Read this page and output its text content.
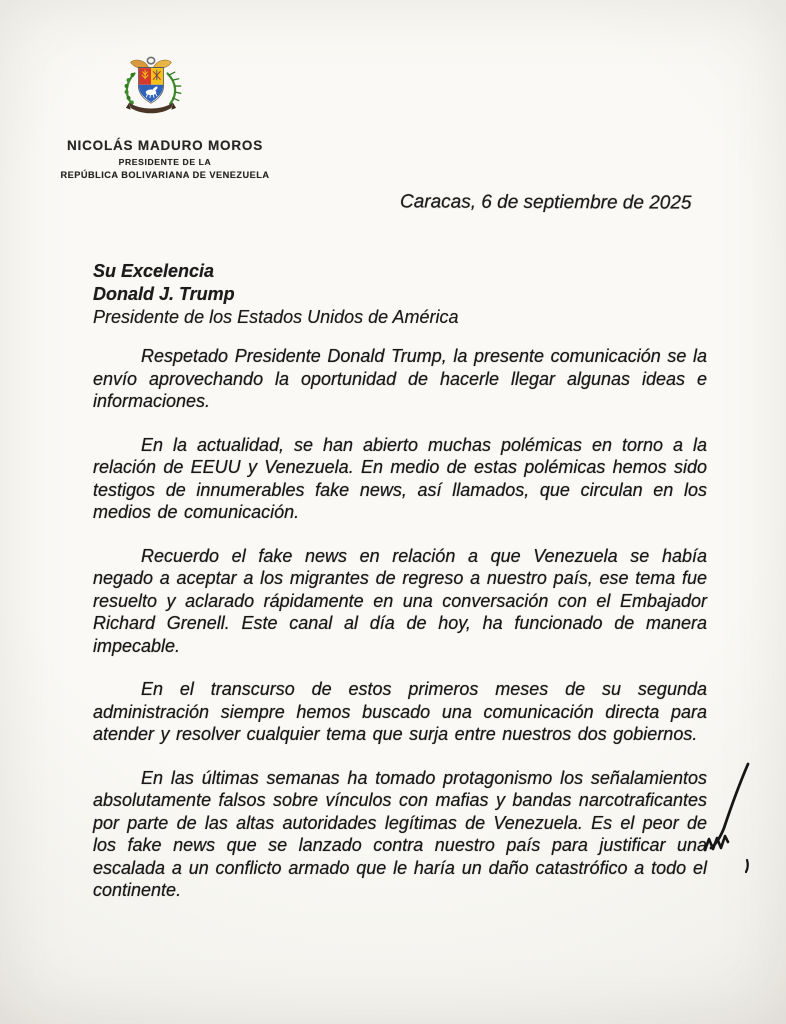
NICOLÁS MADURO MOROS
PRESIDENTE DE LA
REPÚBLICA BOLIVARIANA DE VENEZUELA
Caracas, 6 de septiembre de 2025
Su Excelencia
Donald J. Trump
Presidente de los Estados Unidos de América

Respetado Presidente Donald Trump, la presente comunicación se la envío aprovechando la oportunidad de hacerle llegar algunas ideas e informaciones.

En la actualidad, se han abierto muchas polémicas en torno a la relación de EEUU y Venezuela. En medio de estas polémicas hemos sido testigos de innumerables fake news, así llamados, que circulan en los medios de comunicación.

Recuerdo el fake news en relación a que Venezuela se había negado a aceptar a los migrantes de regreso a nuestro país, ese tema fue resuelto y aclarado rápidamente en una conversación con el Embajador Richard Grenell. Este canal al día de hoy, ha funcionado de manera impecable.

En el transcurso de estos primeros meses de su segunda administración siempre hemos buscado una comunicación directa para atender y resolver cualquier tema que surja entre nuestros dos gobiernos.

En las últimas semanas ha tomado protagonismo los señalamientos absolutamente falsos sobre vínculos con mafias y bandas narcotraficantes por parte de las altas autoridades legítimas de Venezuela. Es el peor de los fake news que se lanzado contra nuestro país para justificar una escalada a un conflicto armado que le haría un daño catastrófico a todo el continente.
